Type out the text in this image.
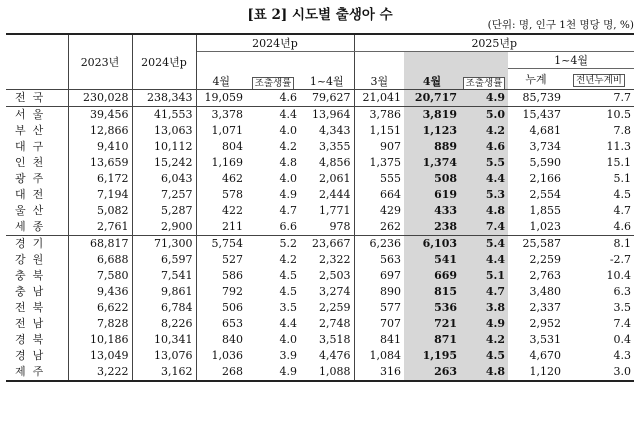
[표 2] 시도별 출생아 수
(단위: 명, 인구 1천 명당 명, %)
	2023년	2024년p	2024년p			2025년p				
			4월	조출생률	1~4월	3월	4월	조출생률	1~4월	
									누계	전년누계비
전국	230,028	238,343	19,059	4.6	79,627	21,041	20,717	4.9	85,739	7.7
서울	39,456	41,553	3,378	4.4	13,964	3,786	3,819	5.0	15,437	10.5
부산	12,866	13,063	1,071	4.0	4,343	1,151	1,123	4.2	4,681	7.8
대구	9,410	10,112	804	4.2	3,355	907	889	4.6	3,734	11.3
인천	13,659	15,242	1,169	4.8	4,856	1,375	1,374	5.5	5,590	15.1
광주	6,172	6,043	462	4.0	2,061	555	508	4.4	2,166	5.1
대전	7,194	7,257	578	4.9	2,444	664	619	5.3	2,554	4.5
울산	5,082	5,287	422	4.7	1,771	429	433	4.8	1,855	4.7
세종	2,761	2,900	211	6.6	978	262	238	7.4	1,023	4.6
경기	68,817	71,300	5,754	5.2	23,667	6,236	6,103	5.4	25,587	8.1
강원	6,688	6,597	527	4.2	2,322	563	541	4.4	2,259	-2.7
충북	7,580	7,541	586	4.5	2,503	697	669	5.1	2,763	10.4
충남	9,436	9,861	792	4.5	3,274	890	815	4.7	3,480	6.3
전북	6,622	6,784	506	3.5	2,259	577	536	3.8	2,337	3.5
전남	7,828	8,226	653	4.4	2,748	707	721	4.9	2,952	7.4
경북	10,186	10,341	840	4.0	3,518	841	871	4.2	3,531	0.4
경남	13,049	13,076	1,036	3.9	4,476	1,084	1,195	4.5	4,670	4.3
제주	3,222	3,162	268	4.9	1,088	316	263	4.8	1,120	3.0
